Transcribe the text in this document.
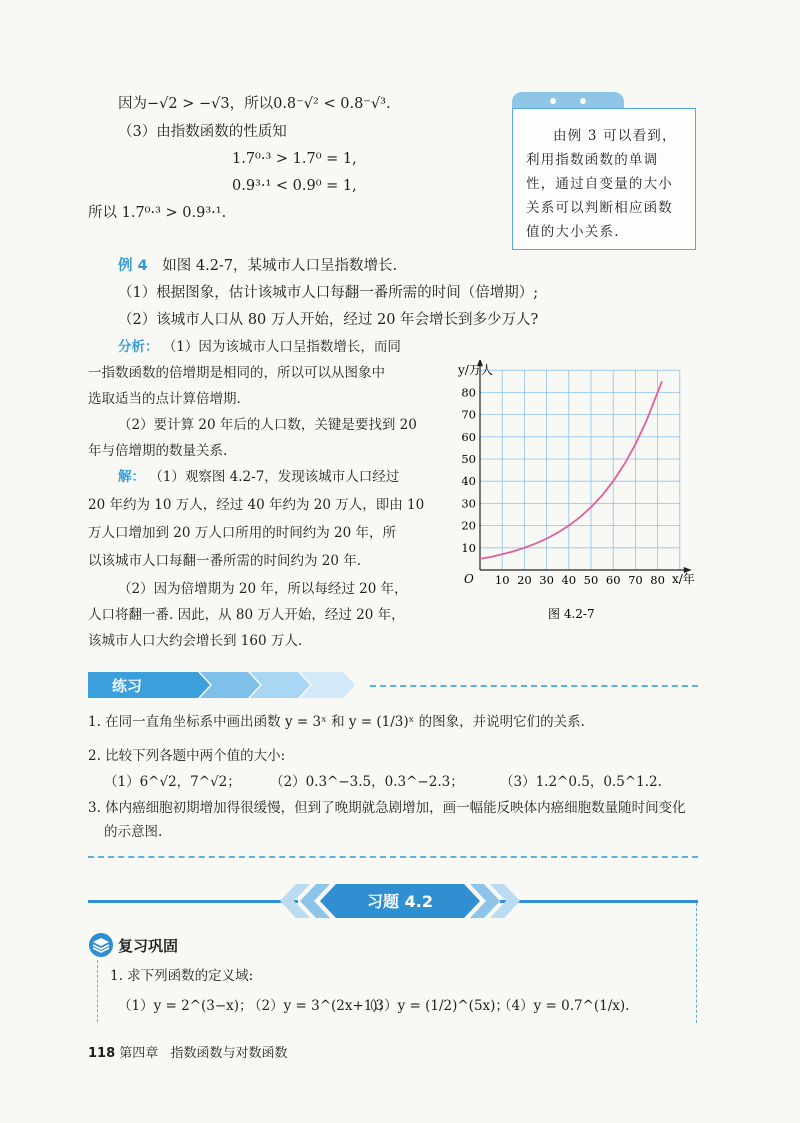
因为−√2 > −√3，所以0.8⁻√² < 0.8⁻√³.
（3）由指数函数的性质知
1.7⁰·³ > 1.7⁰ = 1,
0.9³·¹ < 0.9⁰ = 1,
所以 1.7⁰·³ > 0.9³·¹.
由例 3 可以看到，利用指数函数的单调性，通过自变量的大小关系可以判断相应函数值的大小关系.
例 4 如图 4.2-7，某城市人口呈指数增长.
（1）根据图象，估计该城市人口每翻一番所需的时间（倍增期）;
（2）该城市人口从 80 万人开始，经过 20 年会增长到多少万人?
分析： （1）因为该城市人口呈指数增长，而同
一指数函数的倍增期是相同的，所以可以从图象中
选取适当的点计算倍增期.
（2）要计算 20 年后的人口数，关键是要找到 20
年与倍增期的数量关系.
解： （1）观察图 4.2-7，发现该城市人口经过
20 年约为 10 万人，经过 40 年约为 20 万人，即由 10
万人口增加到 20 万人口所用的时间约为 20 年，所
以该城市人口每翻一番所需的时间约为 20 年.
（2）因为倍增期为 20 年，所以每经过 20 年，
人口将翻一番. 因此，从 80 万人开始，经过 20 年，
该城市人口大约会增长到 160 万人.
10 20 30 40 50 60 70 80
10
20
30
40
50
60
70
80
y/万人
x/年
O
图 4.2-7
练习
1. 在同一直角坐标系中画出函数 y = 3ˣ 和 y = (1/3)ˣ 的图象，并说明它们的关系.
2. 比较下列各题中两个值的大小:
（1）6^√2，7^√2； （2）0.3^−3.5，0.3^−2.3；	（3）1.2^0.5，0.5^1.2.
3. 体内癌细胞初期增加得很缓慢，但到了晚期就急剧增加，画一幅能反映体内癌细胞数量随时间变化
的示意图.
习题 4.2
复习巩固
1. 求下列函数的定义域:
（1）y = 2^(3−x)；
（2）y = 3^(2x+1)；
（3）y = (1/2)^(5x)；
（4）y = 0.7^(1/x).
118 第四章 指数函数与对数函数
